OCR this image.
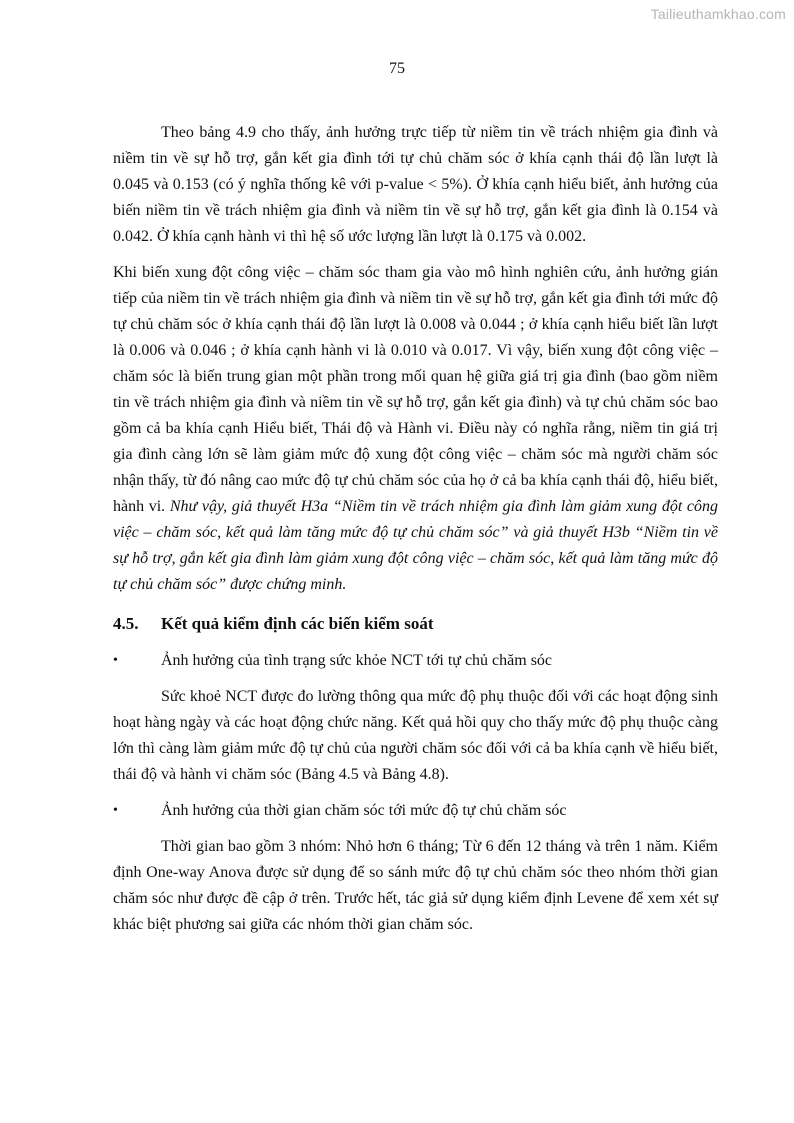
Tailieuthamkhao.com
75

Theo bảng 4.9 cho thấy, ảnh hưởng trực tiếp từ niềm tin về trách nhiệm gia đình và niềm tin về sự hỗ trợ, gắn kết gia đình tới tự chủ chăm sóc ở khía cạnh thái độ lần lượt là 0.045 và 0.153 (có ý nghĩa thống kê với p-value < 5%). Ở khía cạnh hiểu biết, ảnh hưởng của biến niềm tin về trách nhiệm gia đình và niềm tin về sự hỗ trợ, gắn kết gia đình là 0.154 và 0.042. Ở khía cạnh hành vi thì hệ số ước lượng lần lượt là 0.175 và 0.002.

Khi biến xung đột công việc – chăm sóc tham gia vào mô hình nghiên cứu, ảnh hưởng gián tiếp của niềm tin về trách nhiệm gia đình và niềm tin về sự hỗ trợ, gắn kết gia đình tới mức độ tự chủ chăm sóc ở khía cạnh thái độ lần lượt là 0.008 và 0.044 ; ở khía cạnh hiểu biết lần lượt là 0.006 và 0.046 ; ở khía cạnh hành vi là 0.010 và 0.017. Vì vậy, biến xung đột công việc – chăm sóc là biến trung gian một phần trong mối quan hệ giữa giá trị gia đình (bao gồm niềm tin về trách nhiệm gia đình và niềm tin về sự hỗ trợ, gắn kết gia đình) và tự chủ chăm sóc bao gồm cả ba khía cạnh Hiểu biết, Thái độ và Hành vi. Điều này có nghĩa rằng, niềm tin giá trị gia đình càng lớn sẽ làm giảm mức độ xung đột công việc – chăm sóc mà người chăm sóc nhận thấy, từ đó nâng cao mức độ tự chủ chăm sóc của họ ở cả ba khía cạnh thái độ, hiểu biết, hành vi. Như vậy, giả thuyết H3a “Niềm tin về trách nhiệm gia đình làm giảm xung đột công việc – chăm sóc, kết quả làm tăng mức độ tự chủ chăm sóc” và giả thuyết H3b “Niềm tin về sự hỗ trợ, gắn kết gia đình làm giảm xung đột công việc – chăm sóc, kết quả làm tăng mức độ tự chủ chăm sóc” được chứng minh.

4.5.	Kết quả kiểm định các biến kiểm soát
•	Ảnh hưởng của tình trạng sức khỏe NCT tới tự chủ chăm sóc

Sức khoẻ NCT được đo lường thông qua mức độ phụ thuộc đối với các hoạt động sinh hoạt hàng ngày và các hoạt động chức năng. Kết quả hồi quy cho thấy mức độ phụ thuộc càng lớn thì càng làm giảm mức độ tự chủ của người chăm sóc đối với cả ba khía cạnh về hiểu biết, thái độ và hành vi chăm sóc (Bảng 4.5 và Bảng 4.8).

•	Ảnh hưởng của thời gian chăm sóc tới mức độ tự chủ chăm sóc

Thời gian bao gồm 3 nhóm: Nhỏ hơn 6 tháng; Từ 6 đến 12 tháng và trên 1 năm. Kiểm định One-way Anova được sử dụng để so sánh mức độ tự chủ chăm sóc theo nhóm thời gian chăm sóc như được đề cập ở trên. Trước hết, tác giả sử dụng kiểm định Levene để xem xét sự khác biệt phương sai giữa các nhóm thời gian chăm sóc.
